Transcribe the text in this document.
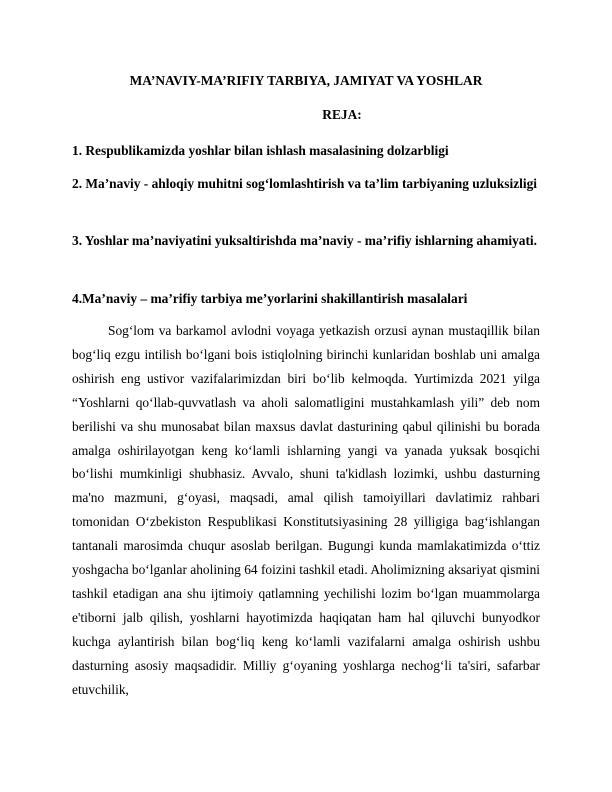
MA’NAVIY-MA’RIFIY TARBIYA, JAMIYAT VA YOSHLAR

REJA:

1. Respublikamizda yoshlar bilan ishlash masalasining dolzarbligi

2. Ma’naviy - ahloqiy muhitni sog‘lomlashtirish va ta’lim tarbiyaning uzluksizligi

3. Yoshlar ma’naviyatini yuksaltirishda ma’naviy - ma’rifiy ishlarning ahamiyati.

4.Ma’naviy – ma’rifiy tarbiya me’yorlarini shakillantirish masalalari

Sog‘lom va barkamol avlodni voyaga yetkazish orzusi aynan mustaqillik bilan bog‘liq ezgu intilish bo‘lgani bois istiqlolning birinchi kunlaridan boshlab uni amalga oshirish eng ustivor vazifalarimizdan biri bo‘lib kelmoqda. Yurtimizda 2021 yilga “Yoshlarni qo‘llab-quvvatlash va aholi salomatligini mustahkamlash yili” deb nom berilishi va shu munosabat bilan maxsus davlat dasturining qabul qilinishi bu borada amalga oshirilayotgan keng ko‘lamli ishlarning yangi va yanada yuksak bosqichi bo‘lishi mumkinligi shubhasiz. Avvalo, shuni ta'kidlash lozimki, ushbu dasturning ma'no mazmuni, g‘oyasi, maqsadi, amal qilish tamoiyillari davlatimiz rahbari tomonidan O‘zbekiston Respublikasi Konstitutsiyasining 28 yilligiga bag‘ishlangan tantanali marosimda chuqur asoslab berilgan. Bugungi kunda mamlakatimizda o‘ttiz yoshgacha bo‘lganlar aholining 64 foizini tashkil etadi. Aholimizning aksariyat qismini tashkil etadigan ana shu ijtimoiy qatlamning yechilishi lozim bo‘lgan muammolarga e'tiborni jalb qilish, yoshlarni hayotimizda haqiqatan ham hal qiluvchi bunyodkor kuchga aylantirish bilan bog‘liq keng ko‘lamli vazifalarni amalga oshirish ushbu dasturning asosiy maqsadidir. Milliy g‘oyaning yoshlarga nechog‘li ta'siri, safarbar etuvchilik,
